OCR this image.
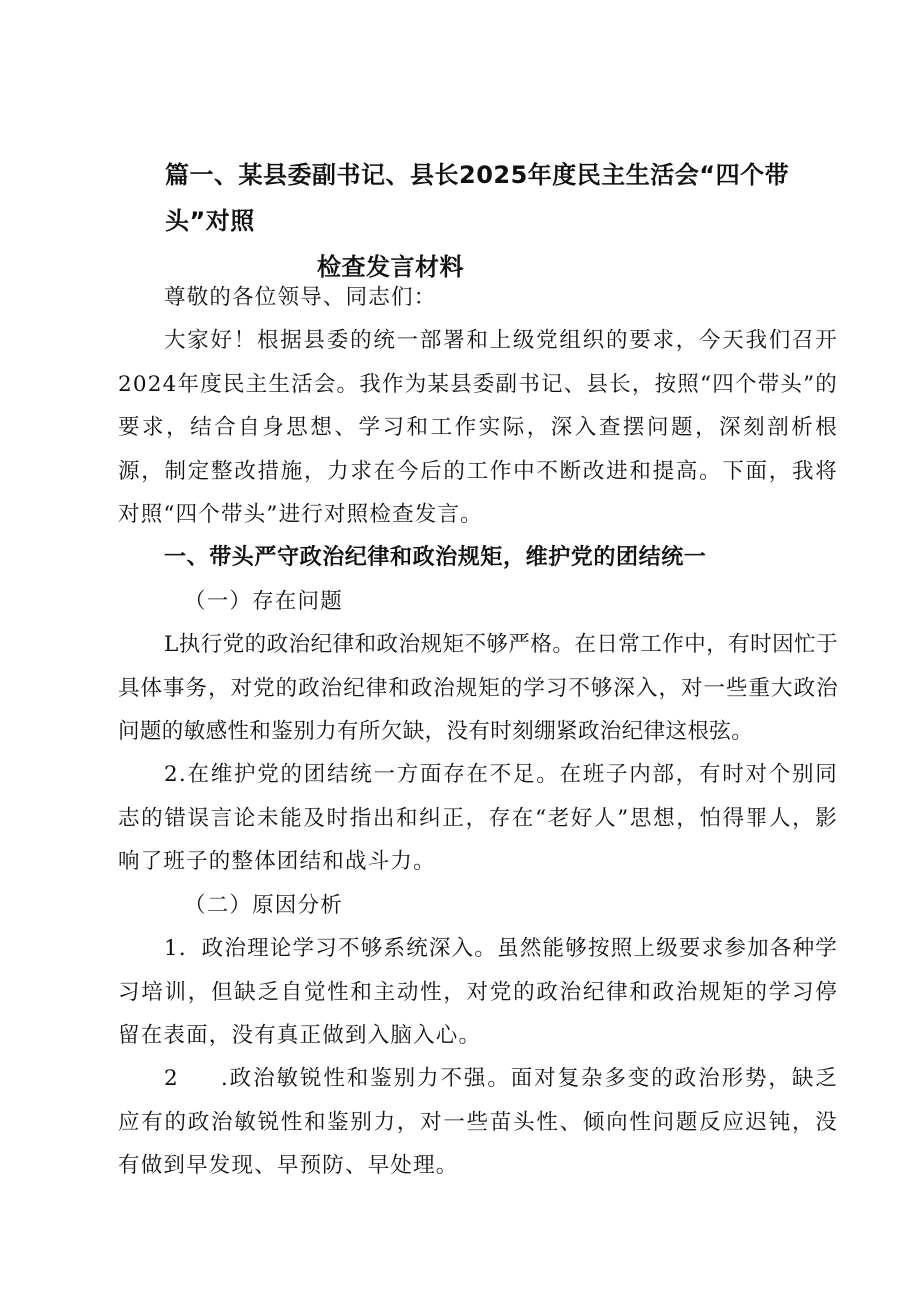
篇一、某县委副书记、县长2025年度民主生活会“四个带头”对照
检查发言材料

尊敬的各位领导、同志们：

大家好！根据县委的统一部署和上级党组织的要求，今天我们召开2024年度民主生活会。我作为某县委副书记、县长，按照“四个带头”的要求，结合自身思想、学习和工作实际，深入查摆问题，深刻剖析根源，制定整改措施，力求在今后的工作中不断改进和提高。下面，我将对照“四个带头”进行对照检查发言。

一、带头严守政治纪律和政治规矩，维护党的团结统一

（一）存在问题

L执行党的政治纪律和政治规矩不够严格。在日常工作中，有时因忙于具体事务，对党的政治纪律和政治规矩的学习不够深入，对一些重大政治问题的敏感性和鉴别力有所欠缺，没有时刻绷紧政治纪律这根弦。

2.在维护党的团结统一方面存在不足。在班子内部，有时对个别同志的错误言论未能及时指出和纠正，存在“老好人”思想，怕得罪人，影响了班子的整体团结和战斗力。

（二）原因分析

1．政治理论学习不够系统深入。虽然能够按照上级要求参加各种学习培训，但缺乏自觉性和主动性，对党的政治纪律和政治规矩的学习停留在表面，没有真正做到入脑入心。

2 .政治敏锐性和鉴别力不强。面对复杂多变的政治形势，缺乏应有的政治敏锐性和鉴别力，对一些苗头性、倾向性问题反应迟钝，没有做到早发现、早预防、早处理。
